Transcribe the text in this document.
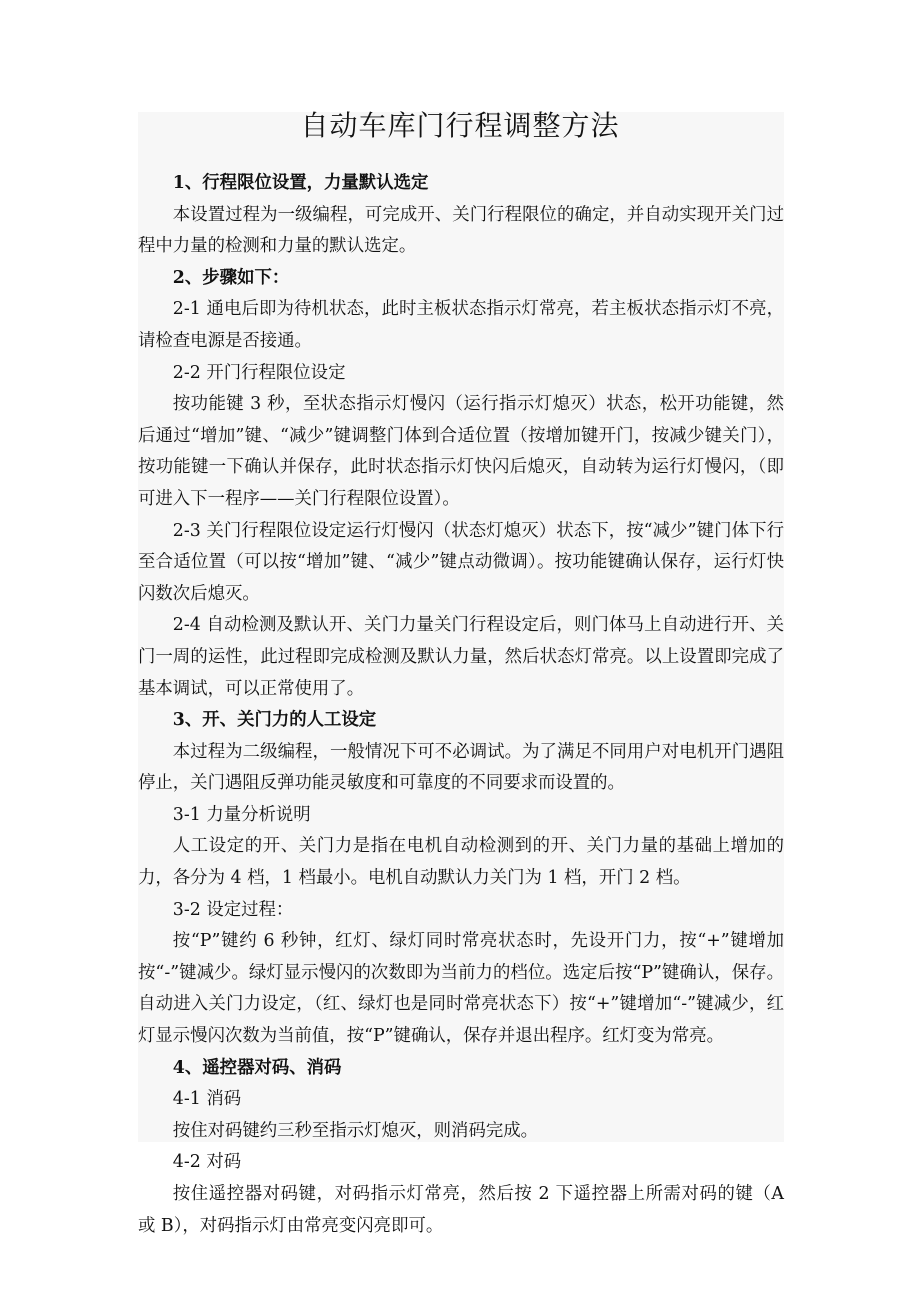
自动车库门行程调整方法

1、行程限位设置，力量默认选定

本设置过程为一级编程，可完成开、关门行程限位的确定，并自动实现开关门过程中力量的检测和力量的默认选定。

2、步骤如下：

2-1 通电后即为待机状态，此时主板状态指示灯常亮，若主板状态指示灯不亮，请检查电源是否接通。

2-2 开门行程限位设定

按功能键 3 秒，至状态指示灯慢闪（运行指示灯熄灭）状态，松开功能键，然后通过“增加”键、“减少”键调整门体到合适位置（按增加键开门，按减少键关门），按功能键一下确认并保存，此时状态指示灯快闪后熄灭，自动转为运行灯慢闪，（即可进入下一程序——关门行程限位设置）。

2-3 关门行程限位设定运行灯慢闪（状态灯熄灭）状态下，按“减少”键门体下行至合适位置（可以按“增加”键、“减少”键点动微调）。按功能键确认保存，运行灯快闪数次后熄灭。

2-4 自动检测及默认开、关门力量关门行程设定后，则门体马上自动进行开、关门一周的运性，此过程即完成检测及默认力量，然后状态灯常亮。以上设置即完成了基本调试，可以正常使用了。

3、开、关门力的人工设定

本过程为二级编程，一般情况下可不必调试。为了满足不同用户对电机开门遇阻停止，关门遇阻反弹功能灵敏度和可靠度的不同要求而设置的。

3-1 力量分析说明

人工设定的开、关门力是指在电机自动检测到的开、关门力量的基础上增加的力，各分为 4 档，1 档最小。电机自动默认力关门为 1 档，开门 2 档。

3-2 设定过程：

按“P”键约 6 秒钟，红灯、绿灯同时常亮状态时，先设开门力，按“+”键增加按“-”键减少。绿灯显示慢闪的次数即为当前力的档位。选定后按“P”键确认，保存。自动进入关门力设定，（红、绿灯也是同时常亮状态下）按“+”键增加“-”键减少，红灯显示慢闪次数为当前值，按“P”键确认，保存并退出程序。红灯变为常亮。

4、遥控器对码、消码

4-1 消码

按住对码键约三秒至指示灯熄灭，则消码完成。

4-2 对码

按住遥控器对码键，对码指示灯常亮，然后按 2 下遥控器上所需对码的键（A 或 B），对码指示灯由常亮变闪亮即可。
